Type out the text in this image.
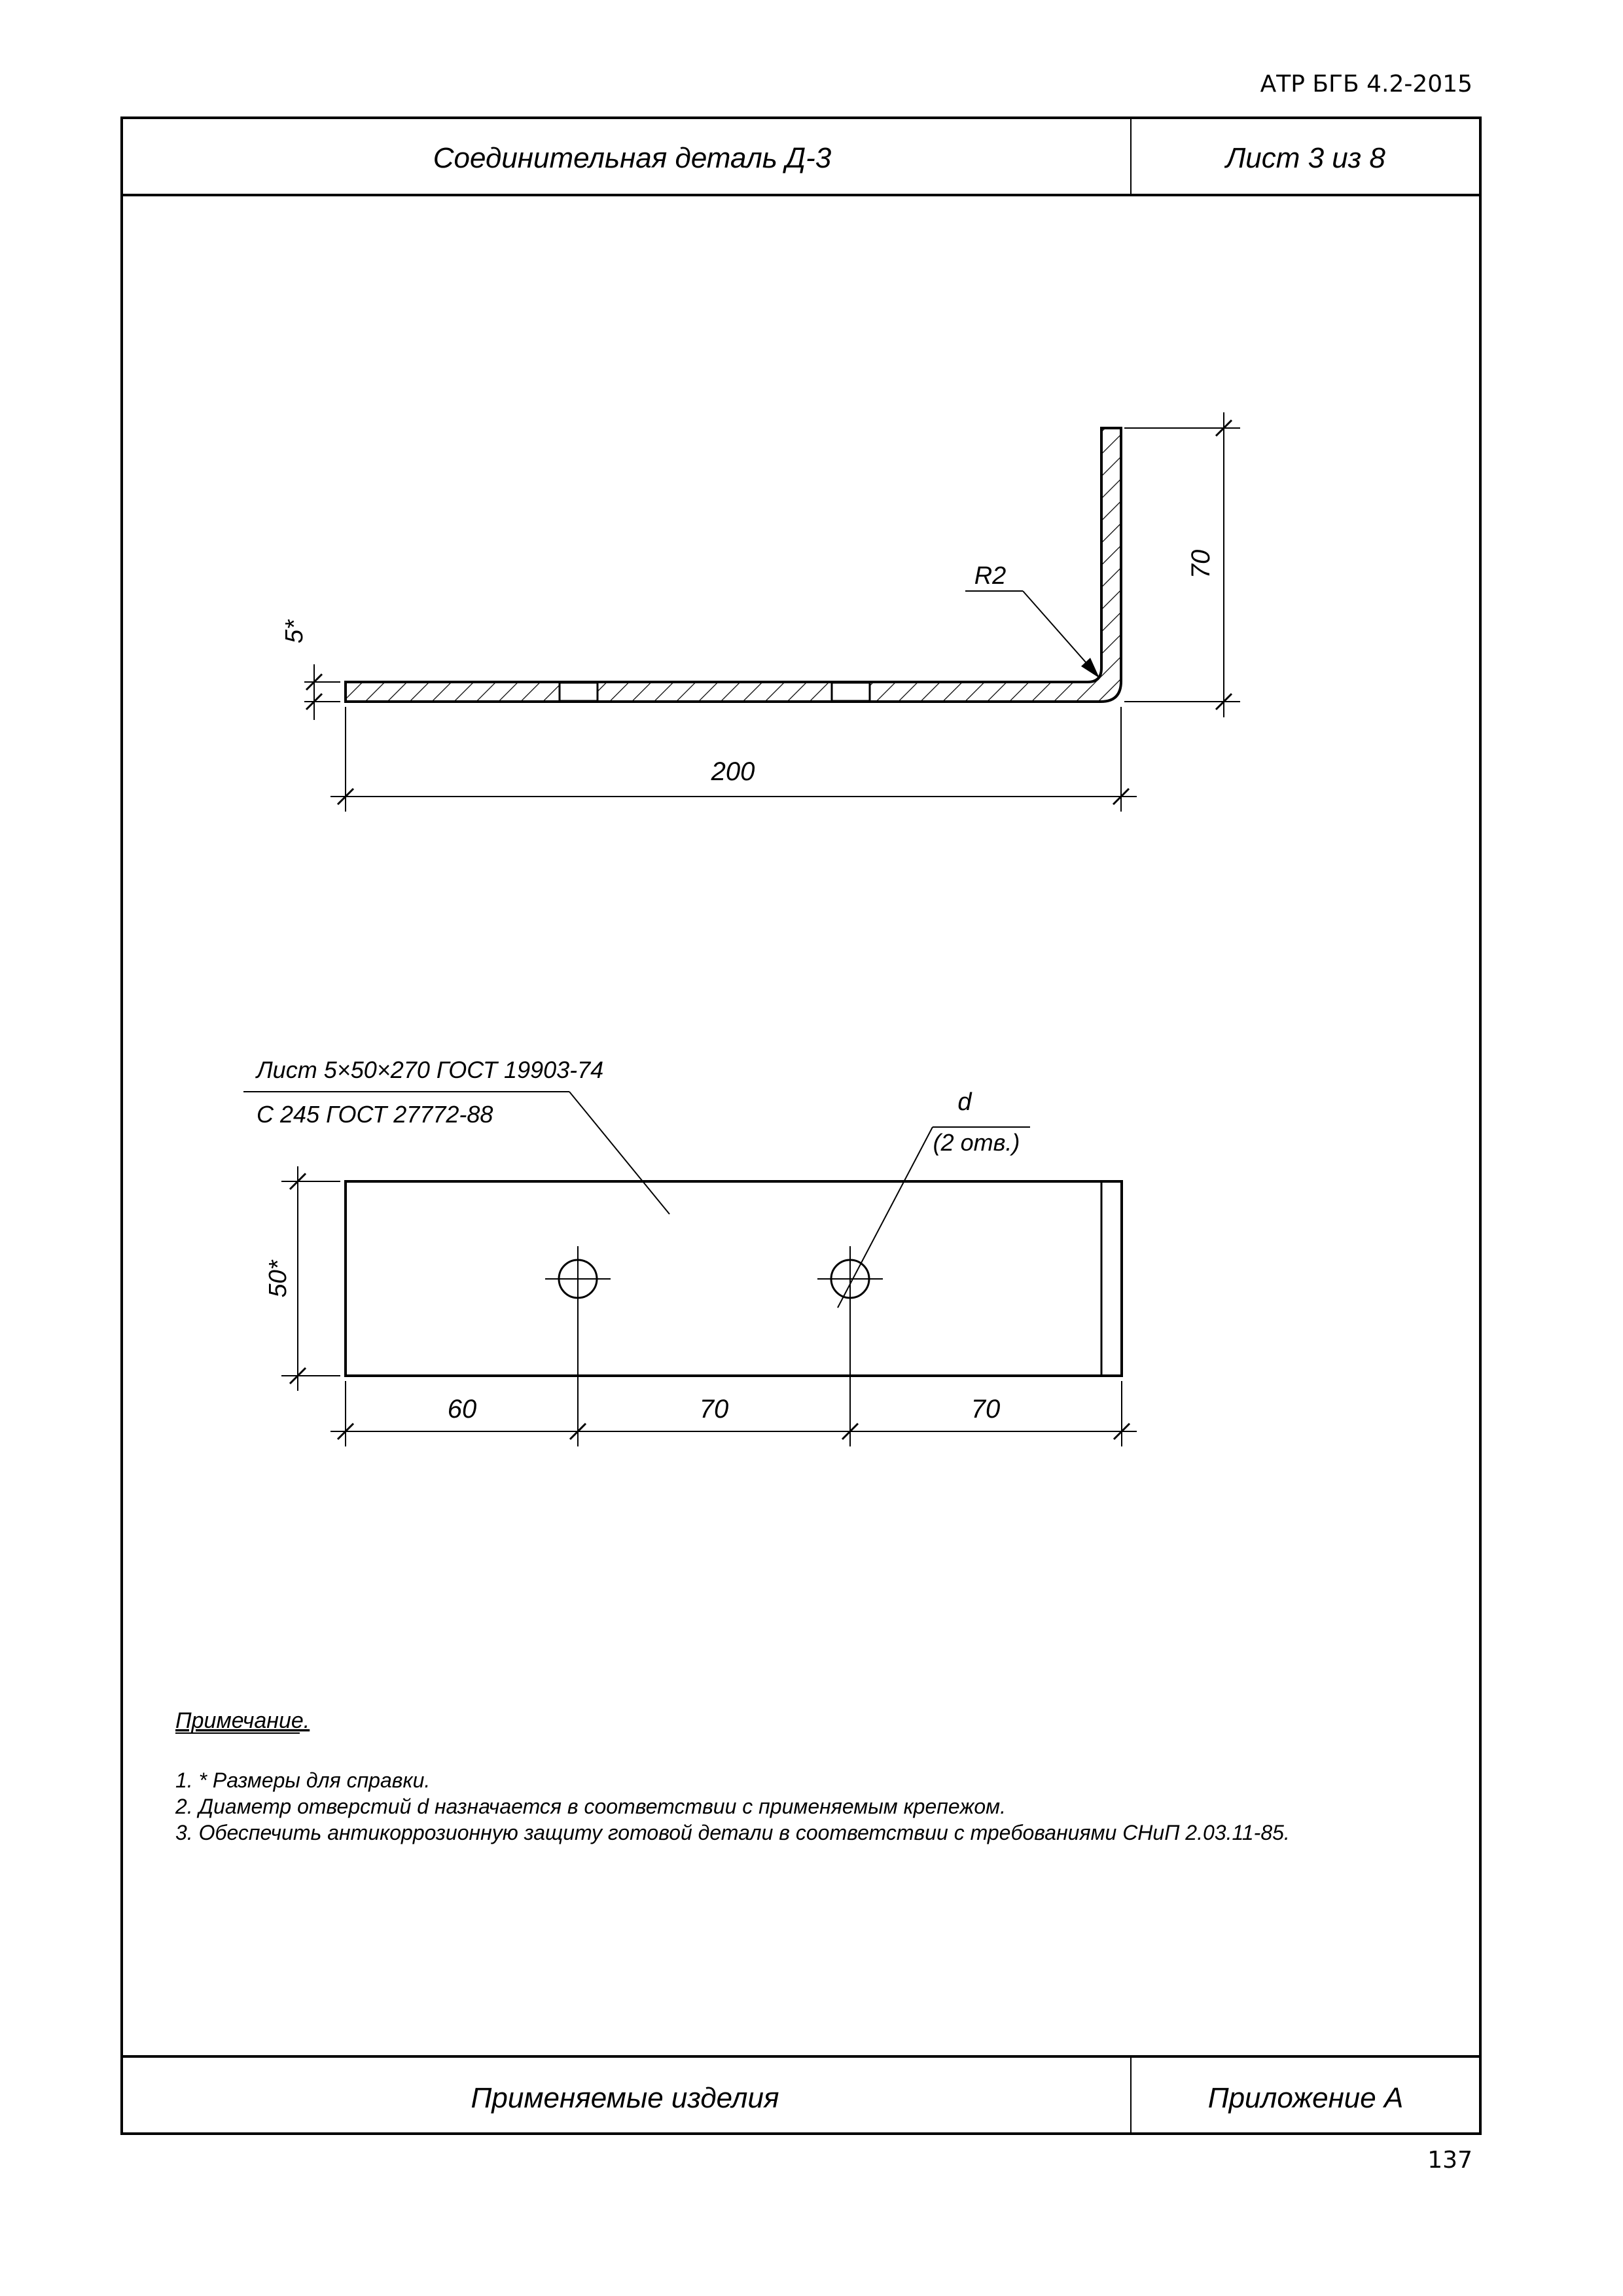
АТР БГБ 4.2-2015
Соединительная деталь Д-3	Лист 3 из 8
5*
70
200
R2
Лист 5×50×270 ГОСТ 19903-74
С 245 ГОСТ 27772-88	d
(2 отв.)
50*
60	70	70
Примечание.
1. * Размеры для справки.
2. Диаметр отверстий d назначается в соответствии с применяемым крепежом.
3. Обеспечить антикоррозионную защиту готовой детали в соответствии с требованиями СНиП 2.03.11-85.
Применяемые изделия	Приложение А
137
